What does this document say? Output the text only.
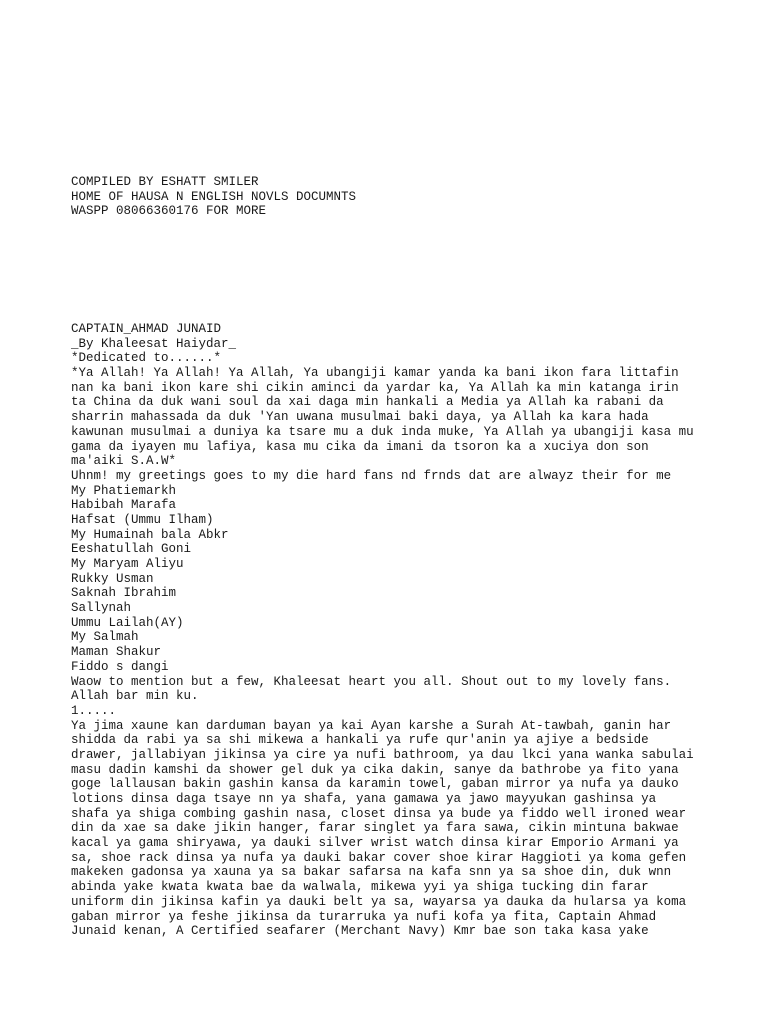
COMPILED BY ESHATT SMILER
HOME OF HAUSA N ENGLISH NOVLS DOCUMNTS
WASPP 08066360176 FOR MORE
CAPTAIN_AHMAD JUNAID
_By Khaleesat Haiydar_
*Dedicated to......*
*Ya Allah! Ya Allah! Ya Allah, Ya ubangiji kamar yanda ka bani ikon fara littafin
nan ka bani ikon kare shi cikin aminci da yardar ka, Ya Allah ka min katanga irin
ta China da duk wani soul da xai daga min hankali a Media ya Allah ka rabani da
sharrin mahassada da duk 'Yan uwana musulmai baki daya, ya Allah ka kara hada
kawunan musulmai a duniya ka tsare mu a duk inda muke, Ya Allah ya ubangiji kasa mu
gama da iyayen mu lafiya, kasa mu cika da imani da tsoron ka a xuciya don son
ma'aiki S.A.W*
Uhnm! my greetings goes to my die hard fans nd frnds dat are alwayz their for me
My Phatiemarkh
Habibah Marafa
Hafsat (Ummu Ilham)
My Humainah bala Abkr
Eeshatullah Goni
My Maryam Aliyu
Rukky Usman
Saknah Ibrahim
Sallynah
Ummu Lailah(AY)
My Salmah
Maman Shakur
Fiddo s dangi
Waow to mention but a few, Khaleesat heart you all. Shout out to my lovely fans.
Allah bar min ku.
1.....
Ya jima xaune kan darduman bayan ya kai Ayan karshe a Surah At-tawbah, ganin har
shidda da rabi ya sa shi mikewa a hankali ya rufe qur'anin ya ajiye a bedside
drawer, jallabiyan jikinsa ya cire ya nufi bathroom, ya dau lkci yana wanka sabulai
masu dadin kamshi da shower gel duk ya cika dakin, sanye da bathrobe ya fito yana
goge lallausan bakin gashin kansa da karamin towel, gaban mirror ya nufa ya dauko
lotions dinsa daga tsaye nn ya shafa, yana gamawa ya jawo mayyukan gashinsa ya
shafa ya shiga combing gashin nasa, closet dinsa ya bude ya fiddo well ironed wear
din da xae sa dake jikin hanger, farar singlet ya fara sawa, cikin mintuna bakwae
kacal ya gama shiryawa, ya dauki silver wrist watch dinsa kirar Emporio Armani ya
sa, shoe rack dinsa ya nufa ya dauki bakar cover shoe kirar Haggioti ya koma gefen
makeken gadonsa ya xauna ya sa bakar safarsa na kafa snn ya sa shoe din, duk wnn
abinda yake kwata kwata bae da walwala, mikewa yyi ya shiga tucking din farar
uniform din jikinsa kafin ya dauki belt ya sa, wayarsa ya dauka da hularsa ya koma
gaban mirror ya feshe jikinsa da turarruka ya nufi kofa ya fita, Captain Ahmad
Junaid kenan, A Certified seafarer (Merchant Navy) Kmr bae son taka kasa yake
